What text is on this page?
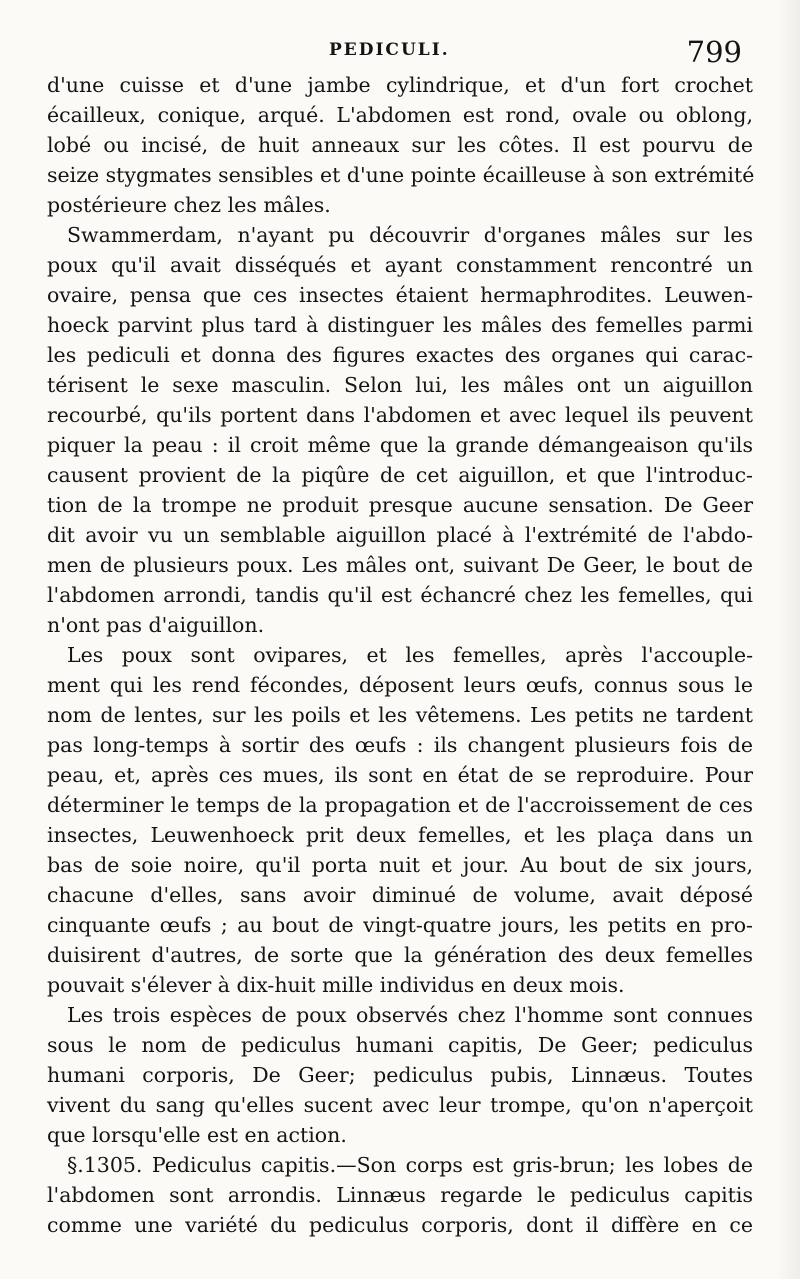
PEDICULI.	799
d'une cuisse et d'une jambe cylindrique, et d'un fort crochet
écailleux, conique, arqué. L'abdomen est rond, ovale ou oblong,
lobé ou incisé, de huit anneaux sur les côtes. Il est pourvu de
seize stygmates sensibles et d'une pointe écailleuse à son extrémité
postérieure chez les mâles.
Swammerdam, n'ayant pu découvrir d'organes mâles sur les
poux qu'il avait disséqués et ayant constamment rencontré un
ovaire, pensa que ces insectes étaient hermaphrodites. Leuwen-
hoeck parvint plus tard à distinguer les mâles des femelles parmi
les pediculi et donna des figures exactes des organes qui carac-
térisent le sexe masculin. Selon lui, les mâles ont un aiguillon
recourbé, qu'ils portent dans l'abdomen et avec lequel ils peuvent
piquer la peau : il croit même que la grande démangeaison qu'ils
causent provient de la piqûre de cet aiguillon, et que l'introduc-
tion de la trompe ne produit presque aucune sensation. De Geer
dit avoir vu un semblable aiguillon placé à l'extrémité de l'abdo-
men de plusieurs poux. Les mâles ont, suivant De Geer, le bout de
l'abdomen arrondi, tandis qu'il est échancré chez les femelles, qui
n'ont pas d'aiguillon.
Les poux sont ovipares, et les femelles, après l'accouple-
ment qui les rend fécondes, déposent leurs œufs, connus sous le
nom de lentes, sur les poils et les vêtemens. Les petits ne tardent
pas long-temps à sortir des œufs : ils changent plusieurs fois de
peau, et, après ces mues, ils sont en état de se reproduire. Pour
déterminer le temps de la propagation et de l'accroissement de ces
insectes, Leuwenhoeck prit deux femelles, et les plaça dans un
bas de soie noire, qu'il porta nuit et jour. Au bout de six jours,
chacune d'elles, sans avoir diminué de volume, avait déposé
cinquante œufs ; au bout de vingt-quatre jours, les petits en pro-
duisirent d'autres, de sorte que la génération des deux femelles
pouvait s'élever à dix-huit mille individus en deux mois.
Les trois espèces de poux observés chez l'homme sont connues
sous le nom de pediculus humani capitis, De Geer; pediculus
humani corporis, De Geer; pediculus pubis, Linnæus. Toutes
vivent du sang qu'elles sucent avec leur trompe, qu'on n'aperçoit
que lorsqu'elle est en action.
§.1305. Pediculus capitis.—Son corps est gris-brun; les lobes de
l'abdomen sont arrondis. Linnæus regarde le pediculus capitis
comme une variété du pediculus corporis, dont il diffère en ce
